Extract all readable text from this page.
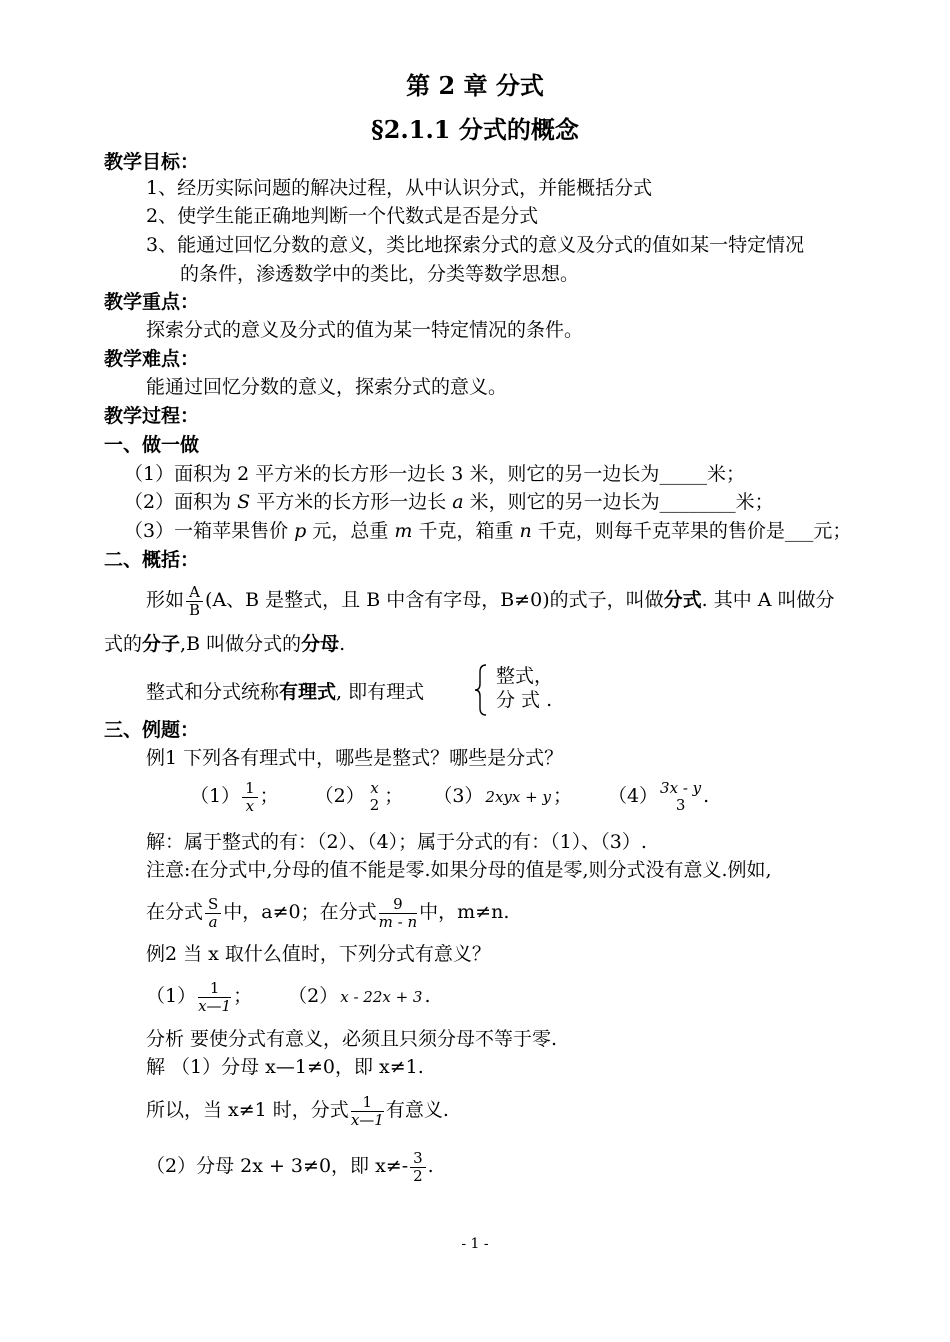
第 2 章 分式
§2.1.1 分式的概念
教学目标：
1、经历实际问题的解决过程，从中认识分式，并能概括分式
2、使学生能正确地判断一个代数式是否是分式
3、能通过回忆分数的意义，类比地探索分式的意义及分式的值如某一特定情况
的条件，渗透数学中的类比，分类等数学思想。
教学重点：
探索分式的意义及分式的值为某一特定情况的条件。
教学难点：
能通过回忆分数的意义，探索分式的意义。
教学过程：
一、做一做
（1）面积为 2 平方米的长方形一边长 3 米，则它的另一边长为_____米；
（2）面积为 S 平方米的长方形一边长 a 米，则它的另一边长为________米；
（3）一箱苹果售价 p 元，总重 m 千克，箱重 n 千克，则每千克苹果的售价是___元；
二、概括：
形如 $\frac{A}{B} (A$、B 是整式，且 B 中含有字母，B≠0)的式子，叫做分式. 其中 A 叫做分
式的分子,B 叫做分式的分母.
整式和分式统称有理式, 即有理式
整式，
分 式 .
三、例题：
例1 下列各有理式中，哪些是整式？哪些是分式？
$(1) \frac{1}{x}$ ； （2） x
2 ； （3） 2xyx + y ； （4） 3x - y
3 .
解：属于整式的有：（2）、（4）；属于分式的有：（1）、（3）.
注意:在分式中,分母的值不能是零.如果分母的值是零,则分式没有意义.例如,
在分式 $\frac{S}{a}$ 中，a≠0；在分式 $\frac{9}{m - n}$ 中，m≠n.
例2 当 x 取什么值时，下列分式有意义？
$(1) \frac{1}{x—1}$ ； （2） x - 22x + 3 .
分析 要使分式有意义，必须且只须分母不等于零.
解 （1）分母 x—1≠0，即 x≠1.
所以，当 x≠1 时，分式 $\frac{1}{x—1}$ 有意义.
（2）分母 2x + 3≠0，即 $x\ne- \frac{3}{2}$ .
- 1 -
